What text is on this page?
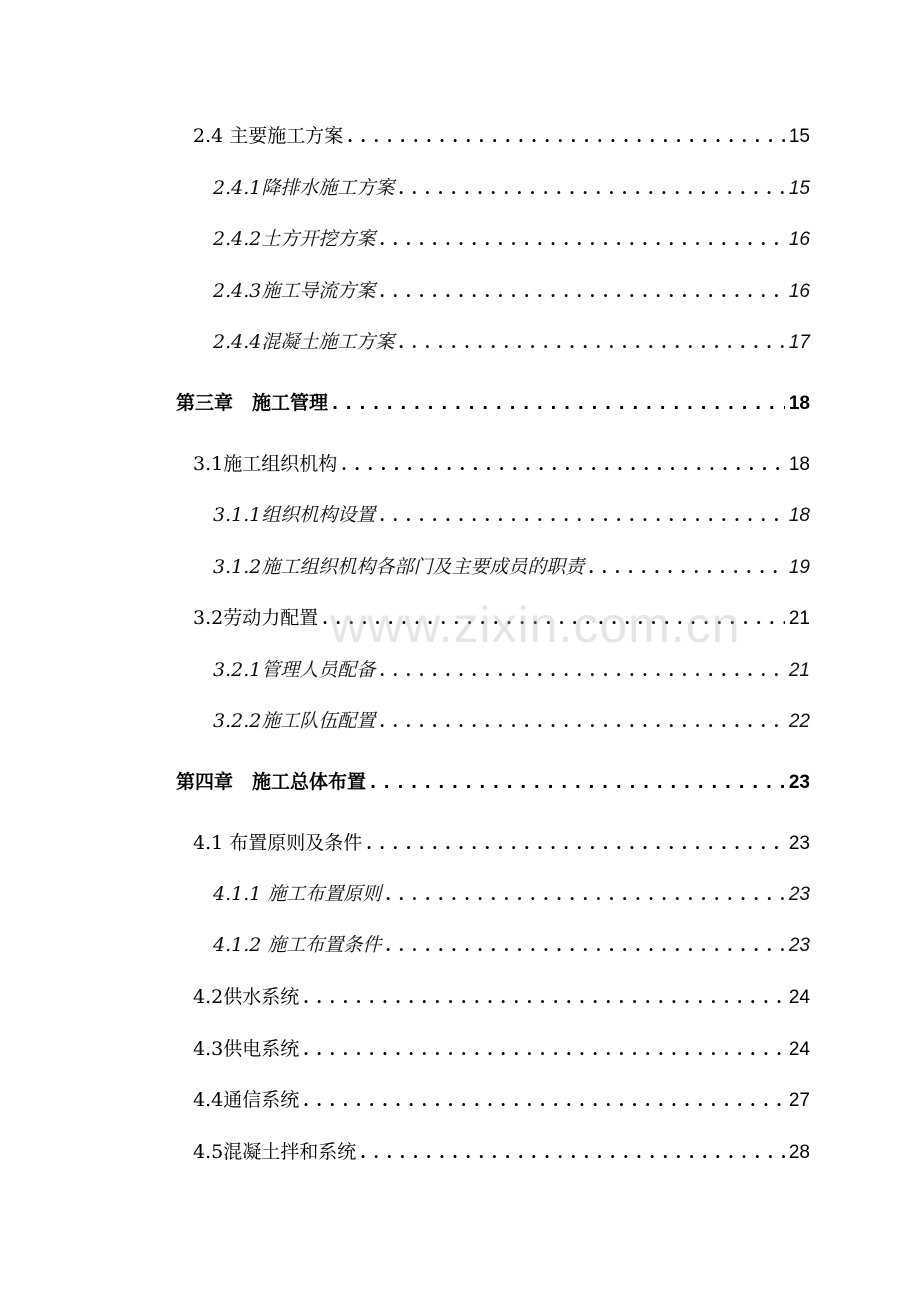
2.4 主要施工方案 . . .	15
2.4.1降排水施工方案 . . .	15
2.4.2土方开挖方案 . . .	16
2.4.3施工导流方案 . . .	16
2.4.4混凝土施工方案 . . .	17
第三章　施工管理 . . .	18
3.1施工组织机构 . . .	18
3.1.1组织机构设置 . . .	18
3.1.2施工组织机构各部门及主要成员的职责 . . .	19
3.2劳动力配置 . . .	21
3.2.1管理人员配备 . . .	21
3.2.2施工队伍配置 . . .	22
第四章　施工总体布置 . . .	23
4.1 布置原则及条件 . . .	23
4.1.1 施工布置原则 . . .	23
4.1.2 施工布置条件 . . .	23
4.2供水系统 . . .	24
4.3供电系统 . . .	24
4.4通信系统 . . .	27
4.5混凝土拌和系统 . . .	28
www.zixin.com.cn
